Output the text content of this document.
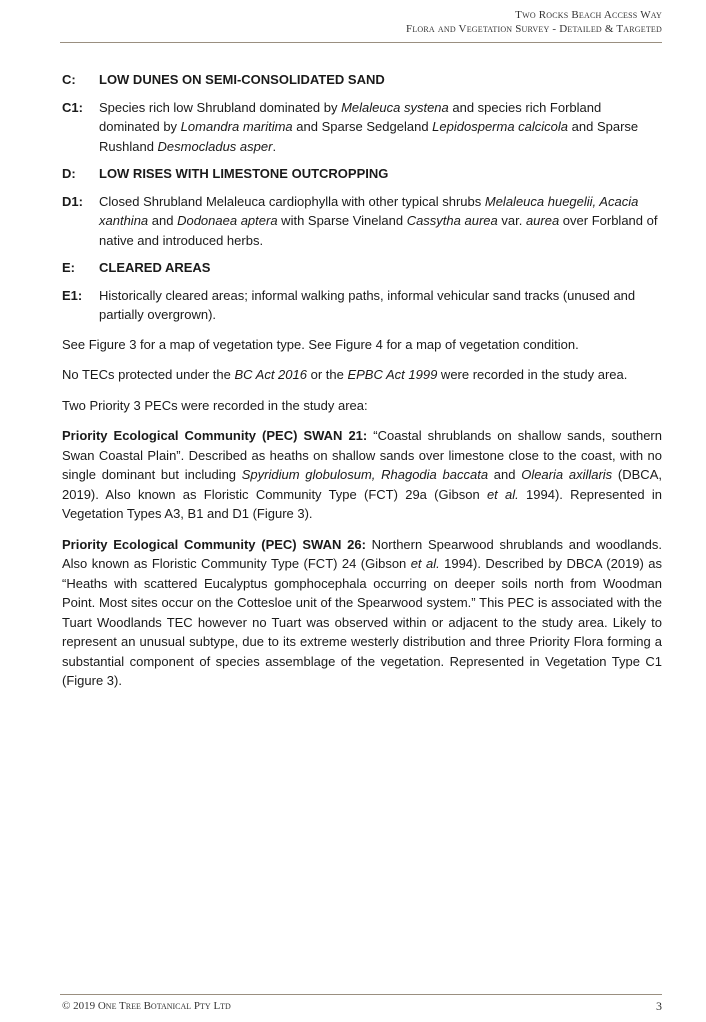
Two Rocks Beach Access Way
Flora and Vegetation Survey - Detailed & Targeted
C:	LOW DUNES ON SEMI-CONSOLIDATED SAND
C1:	Species rich low Shrubland dominated by Melaleuca systena and species rich Forbland dominated by Lomandra maritima and Sparse Sedgeland Lepidosperma calcicola and Sparse Rushland Desmocladus asper.
D:	LOW RISES WITH LIMESTONE OUTCROPPING
D1:	Closed Shrubland Melaleuca cardiophylla with other typical shrubs Melaleuca huegelii, Acacia xanthina and Dodonaea aptera with Sparse Vineland Cassytha aurea var. aurea over Forbland of native and introduced herbs.
E:	CLEARED AREAS
E1:	Historically cleared areas; informal walking paths, informal vehicular sand tracks (unused and partially overgrown).

See Figure 3 for a map of vegetation type. See Figure 4 for a map of vegetation condition.

No TECs protected under the BC Act 2016 or the EPBC Act 1999 were recorded in the study area.

Two Priority 3 PECs were recorded in the study area:

Priority Ecological Community (PEC) SWAN 21: “Coastal shrublands on shallow sands, southern Swan Coastal Plain”. Described as heaths on shallow sands over limestone close to the coast, with no single dominant but including Spyridium globulosum, Rhagodia baccata and Olearia axillaris (DBCA, 2019). Also known as Floristic Community Type (FCT) 29a (Gibson et al. 1994). Represented in Vegetation Types A3, B1 and D1 (Figure 3).

Priority Ecological Community (PEC) SWAN 26: Northern Spearwood shrublands and woodlands. Also known as Floristic Community Type (FCT) 24 (Gibson et al. 1994). Described by DBCA (2019) as “Heaths with scattered Eucalyptus gomphocephala occurring on deeper soils north from Woodman Point. Most sites occur on the Cottesloe unit of the Spearwood system.” This PEC is associated with the Tuart Woodlands TEC however no Tuart was observed within or adjacent to the study area. Likely to represent an unusual subtype, due to its extreme westerly distribution and three Priority Flora forming a substantial component of species assemblage of the vegetation. Represented in Vegetation Type C1 (Figure 3).

© 2019 One Tree Botanical Pty Ltd	3
